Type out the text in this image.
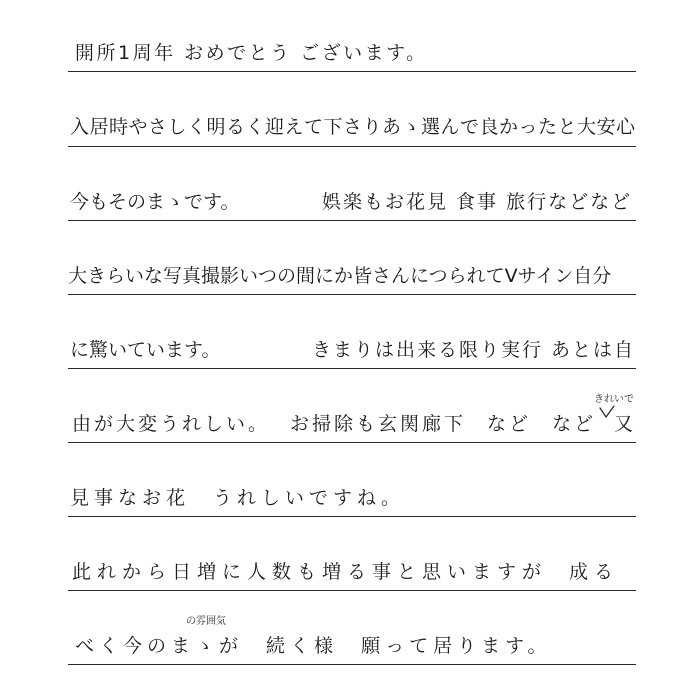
開所1周年 おめでとう ございます。
入居時やさしく明るく迎えて下さりあゝ選んで良かったと大安心
今もそのまゝです。	娯楽もお花見 食事 旅行などなど
大きらいな写真撮影いつの間にか皆さんにつられてVサイン自分
に驚いています。	きまりは出来る限り実行 あとは自
由が大変うれしい。 お掃除も玄関廊下 など など 又
きれいで
見事なお花 うれしいですね。
此れから日増に人数も増る事と思いますが 成る
べく今のまゝが 続く様 願って居ります。
の雰囲気
